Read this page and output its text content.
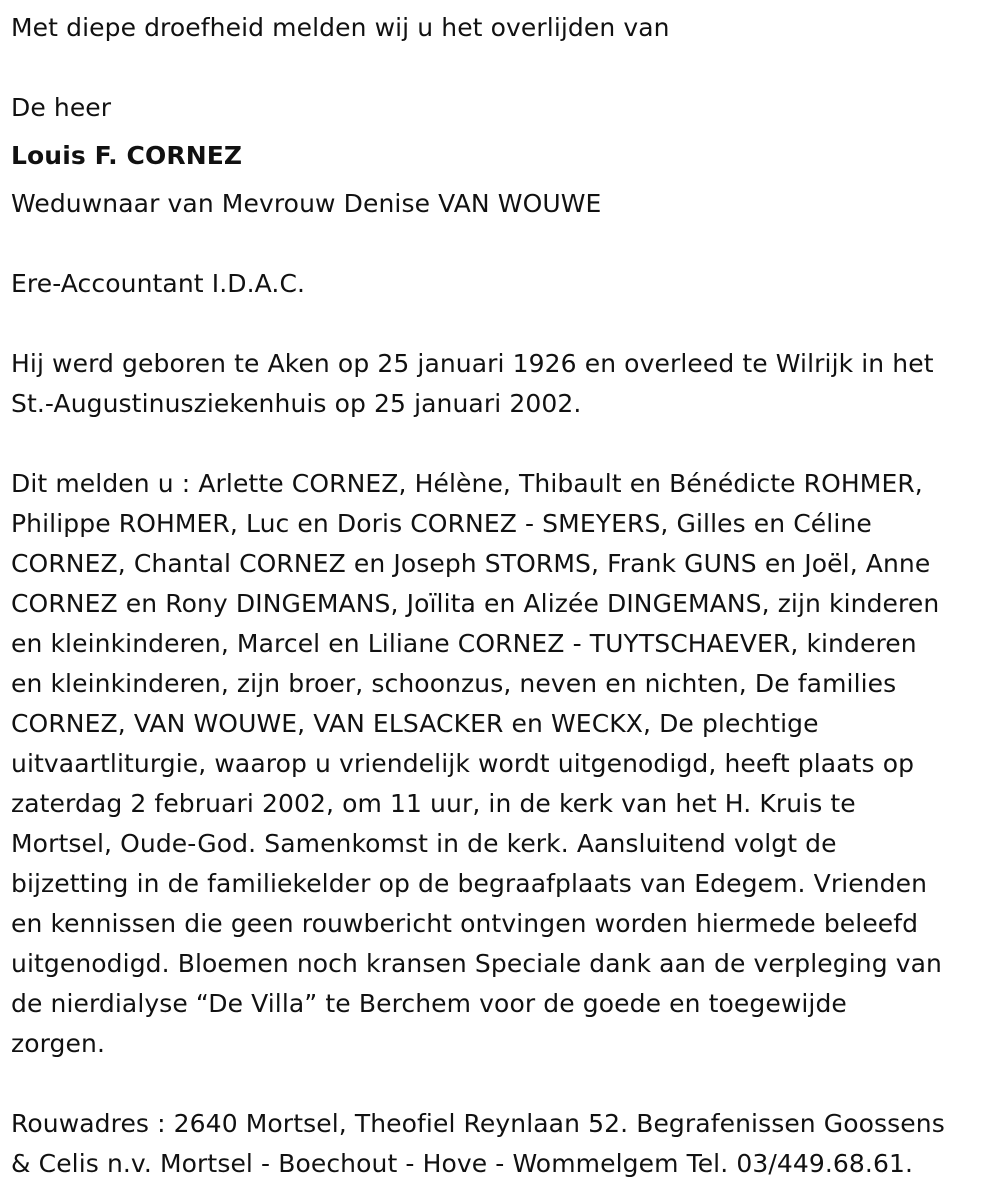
Met diepe droefheid melden wij u het overlijden van
De heer
Louis F. CORNEZ
Weduwnaar van Mevrouw Denise VAN WOUWE
Ere-Accountant I.D.A.C.
Hij werd geboren te Aken op 25 januari 1926 en overleed te Wilrijk in het
St.-Augustinusziekenhuis op 25 januari 2002.
Dit melden u : Arlette CORNEZ, Hélène, Thibault en Bénédicte ROHMER,
Philippe ROHMER, Luc en Doris CORNEZ - SMEYERS, Gilles en Céline
CORNEZ, Chantal CORNEZ en Joseph STORMS, Frank GUNS en Joël, Anne
CORNEZ en Rony DINGEMANS, Joïlita en Alizée DINGEMANS, zijn kinderen
en kleinkinderen, Marcel en Liliane CORNEZ - TUYTSCHAEVER, kinderen
en kleinkinderen, zijn broer, schoonzus, neven en nichten, De families
CORNEZ, VAN WOUWE, VAN ELSACKER en WECKX, De plechtige
uitvaartliturgie, waarop u vriendelijk wordt uitgenodigd, heeft plaats op
zaterdag 2 februari 2002, om 11 uur, in de kerk van het H. Kruis te
Mortsel, Oude-God. Samenkomst in de kerk. Aansluitend volgt de
bijzetting in de familiekelder op de begraafplaats van Edegem. Vrienden
en kennissen die geen rouwbericht ontvingen worden hiermede beleefd
uitgenodigd. Bloemen noch kransen Speciale dank aan de verpleging van
de nierdialyse “De Villa” te Berchem voor de goede en toegewijde
zorgen.
Rouwadres : 2640 Mortsel, Theofiel Reynlaan 52. Begrafenissen Goossens
& Celis n.v. Mortsel - Boechout - Hove - Wommelgem Tel. 03/449.68.61.
